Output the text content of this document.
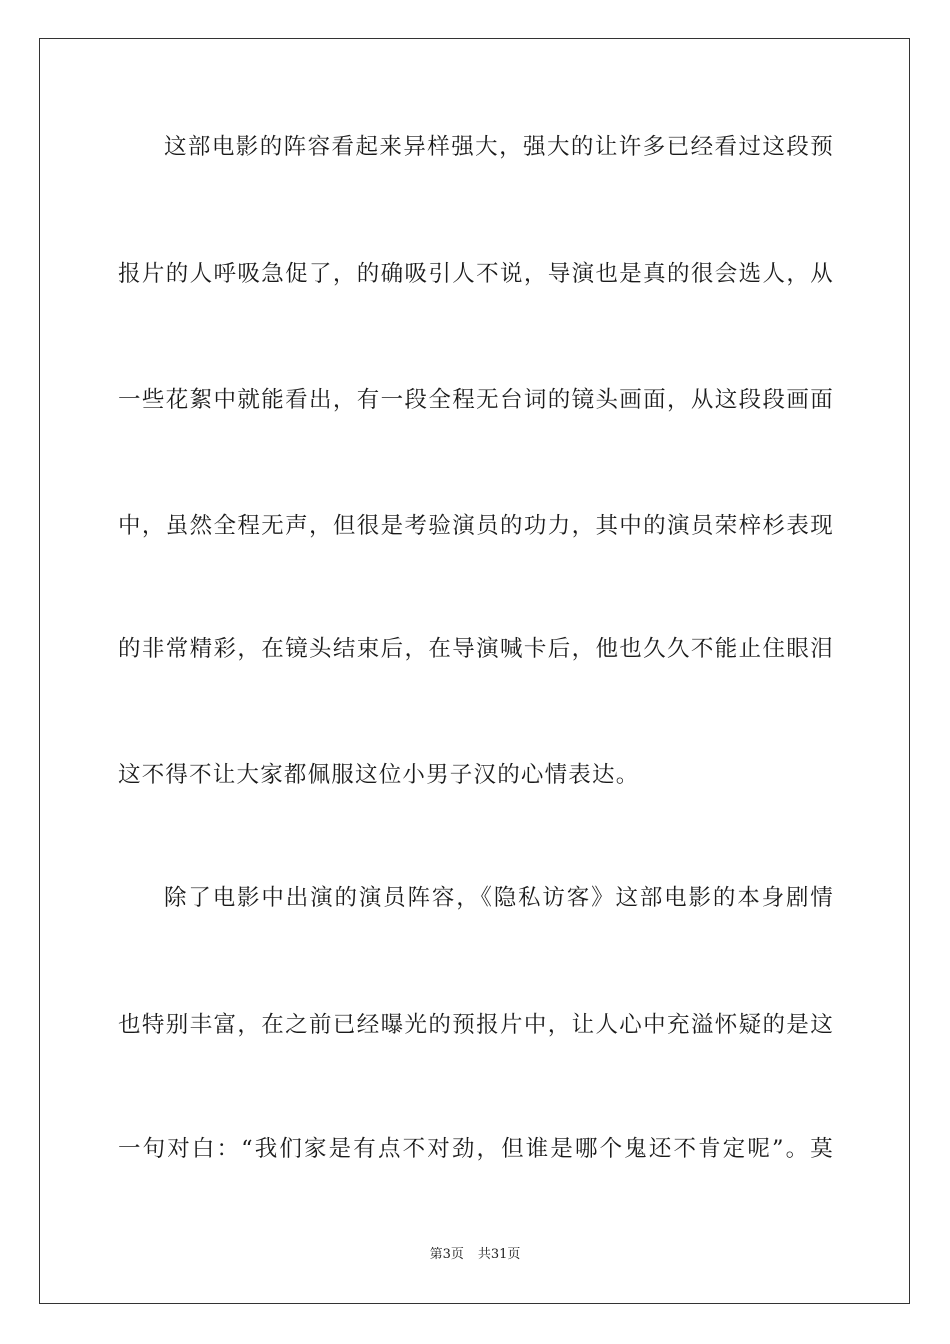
这部电影的阵容看起来异样强大，强大的让许多已经看过这段预
报片的人呼吸急促了，的确吸引人不说，导演也是真的很会选人，从
一些花絮中就能看出，有一段全程无台词的镜头画面，从这段段画面
中，虽然全程无声，但很是考验演员的功力，其中的演员荣梓杉表现
的非常精彩，在镜头结束后，在导演喊卡后，他也久久不能止住眼泪
这不得不让大家都佩服这位小男子汉的心情表达。
除了电影中出演的演员阵容，《隐私访客》这部电影的本身剧情
也特别丰富，在之前已经曝光的预报片中，让人心中充溢怀疑的是这
一句对白：“我们家是有点不对劲，但谁是哪个鬼还不肯定呢”。莫
第3页 共31页
